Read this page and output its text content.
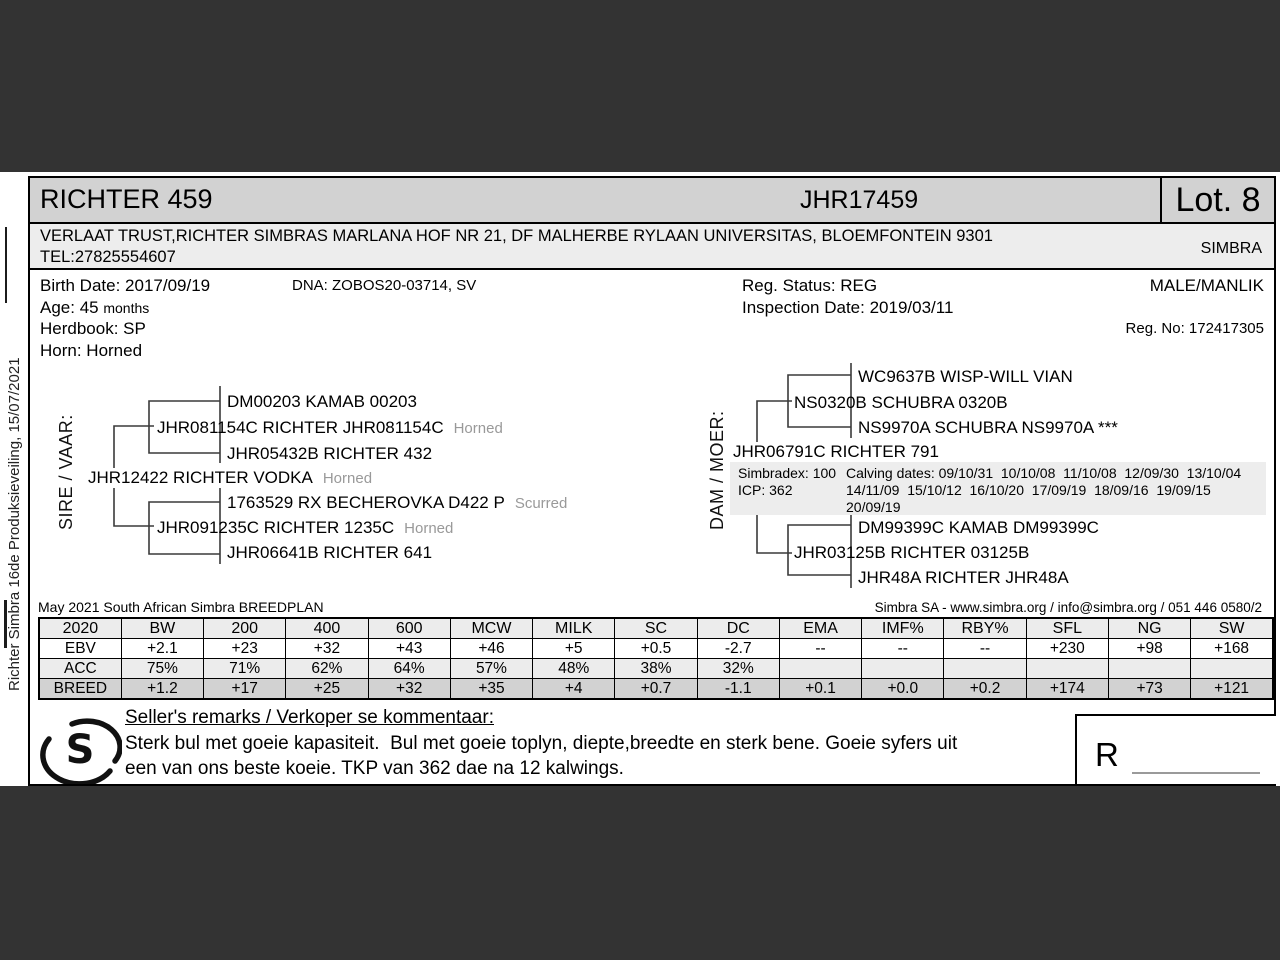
Richter Simbra 16de Produksieveiling, 15/07/2021
RICHTER 459	JHR17459	Lot. 8
VERLAAT TRUST,RICHTER SIMBRAS MARLANA HOF NR 21, DF MALHERBE RYLAAN UNIVERSITAS, BLOEMFONTEIN 9301
TEL:27825554607	SIMBRA
Birth Date: 2017/09/19	DNA: ZOBOS20-03714, SV
Age: 45 months
Herdbook: SP
Horn: Horned
Reg. Status: REG
Inspection Date: 2019/03/11
MALE/MANLIK
Reg. No: 172417305
SIRE / VAAR:
DM00203 KAMAB 00203
JHR081154C RICHTER JHR081154C Horned
JHR05432B RICHTER 432
JHR12422 RICHTER VODKA Horned
1763529 RX BECHEROVKA D422 P Scurred
JHR091235C RICHTER 1235C Horned
JHR06641B RICHTER 641
DAM / MOER:
WC9637B WISP-WILL VIAN
NS0320B SCHUBRA 0320B
NS9970A SCHUBRA NS9970A ***
JHR06791C RICHTER 791
Simbradex: 100
ICP: 362
Calving dates: 09/10/31  10/10/08  11/10/08  12/09/30  13/10/04
14/11/09  15/10/12  16/10/20  17/09/19  18/09/16  19/09/15
20/09/19
DM99399C KAMAB DM99399C
JHR03125B RICHTER 03125B
JHR48A RICHTER JHR48A
May 2021 South African Simbra BREEDPLAN	Simbra SA - www.simbra.org / info@simbra.org / 051 446 0580/2
2020	BW	200	400	600	MCW	MILK	SC	DC	EMA	IMF%	RBY%	SFL	NG	SW
EBV	+2.1	+23	+32	+43	+46	+5	+0.5	-2.7	--	--	--	+230	+98	+168
ACC	75%	71%	62%	64%	57%	48%	38%	32%						
BREED	+1.2	+17	+25	+32	+35	+4	+0.7	-1.1	+0.1	+0.0	+0.2	+174	+73	+121
S
Seller's remarks / Verkoper se kommentaar:
Sterk bul met goeie kapasiteit.  Bul met goeie toplyn, diepte,breedte en sterk bene. Goeie syfers uit
een van ons beste koeie. TKP van 362 dae na 12 kalwings.	R
